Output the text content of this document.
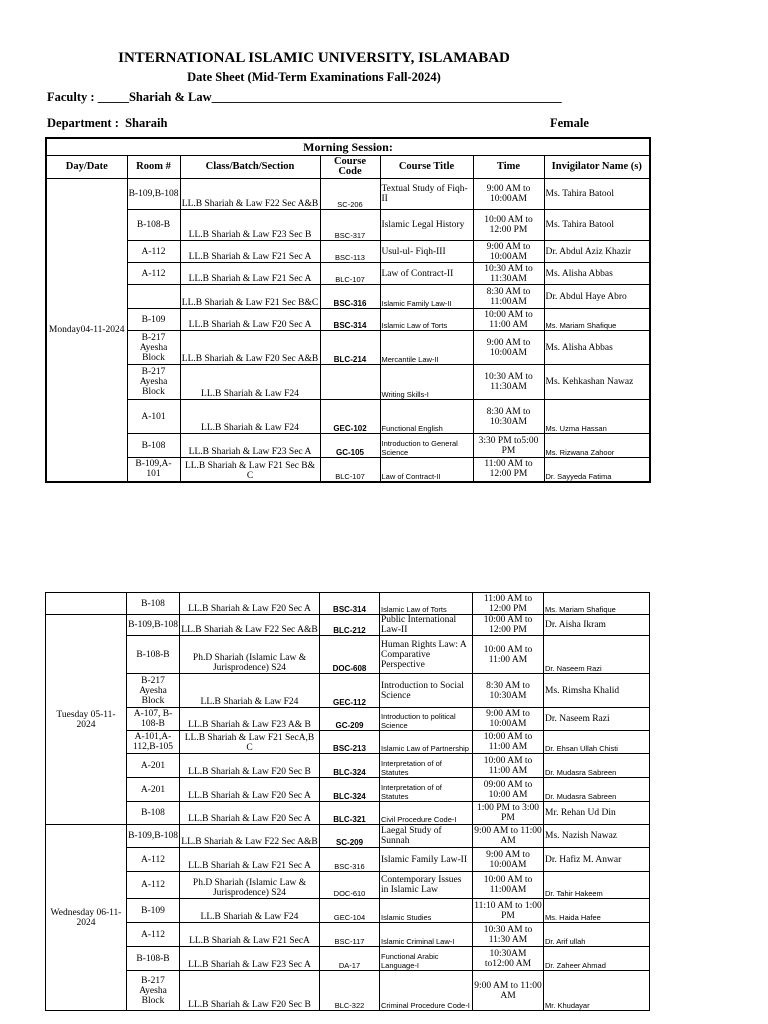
INTERNATIONAL ISLAMIC UNIVERSITY, ISLAMABAD
Date Sheet (Mid-Term Examinations Fall-2024)
Faculty : _____Shariah & Law________________________________________________________
Department : Sharaih	Female
Morning Session:						
Day/Date	Room #	Class/Batch/Section	Course Code	Course Title	Time	Invigilator Name (s)
Monday04-11-2024	B-109,B-108	LL.B Shariah & Law F22 Sec A&B	SC-206	Textual Study of Fiqh-II	9:00 AM to 10:00AM	Ms. Tahira Batool
	B-108-B	LL.B Shariah & Law F23 Sec B	BSC-317	Islamic Legal History	10:00 AM to 12:00 PM	Ms. Tahira Batool
	A-112	LL.B Shariah & Law F21 Sec A	BSC-113	Usul-ul- Fiqh-III	9:00 AM to 10:00AM	Dr. Abdul Aziz Khazir
	A-112	LL.B Shariah & Law F21 Sec A	BLC-107	Law of Contract-II	10:30 AM to 11:30AM	Ms. Alisha Abbas
		LL.B Shariah & Law F21 Sec B&C	BSC-316	Islamic Family Law-II	8:30 AM to 11:00AM	Dr. Abdul Haye Abro
	B-109	LL.B Shariah & Law F20 Sec A	BSC-314	Islamic Law of Torts	10:00 AM to 11:00 AM	Ms. Mariam Shafique
	B-217 Ayesha Block	LL.B Shariah & Law F20 Sec A&B	BLC-214	Mercantile Law-II	9:00 AM to 10:00AM	Ms. Alisha Abbas
	B-217 Ayesha Block	LL.B Shariah & Law F24		Writing Skills-I	10:30 AM to 11:30AM	Ms. Kehkashan Nawaz
	A-101	LL.B Shariah & Law F24	GEC-102	Functional English	8:30 AM to 10:30AM	Ms. Uzma Hassan
	B-108	LL.B Shariah & Law F23 Sec A	GC-105	Introduction to General Science	3:30 PM to5:00 PM	Ms. Rizwana Zahoor
	B-109,A-101	LL.B Shariah & Law F21 Sec B& C	BLC-107	Law of Contract-II	11:00 AM to 12:00 PM	Dr. Sayyeda Fatima
	B-108	LL.B Shariah & Law F20 Sec A	BSC-314	Islamic Law of Torts	11:00 AM to 12:00 PM	Ms. Mariam Shafique
Tuesday 05-11-2024	B-109,B-108	LL.B Shariah & Law F22 Sec A&B	BLC-212	Public International Law-II	10:00 AM to 12:00 PM	Dr. Aisha Ikram
	B-108-B	Ph.D Shariah (Islamic Law & Jurisprodence) S24	DOC-608	Human Rights Law: A Comparative Perspective	10:00 AM to 11:00 AM	Dr. Naseem Razi
	B-217 Ayesha Block	LL.B Shariah & Law F24	GEC-112	Introduction to Social Science	8:30 AM to 10:30AM	Ms. Rimsha Khalid
	A-107, B-108-B	LL.B Shariah & Law F23 A& B	GC-209	Introduction to political Science	9:00 AM to 10:00AM	Dr. Naseem Razi
	A-101,A-112,B-105	LL.B Shariah & Law F21 SecA,B C	BSC-213	Islamic Law of Partnership	10:00 AM to 11:00 AM	Dr. Ehsan Ullah Chisti
	A-201	LL.B Shariah & Law F20 Sec B	BLC-324	Interpretation of of Statutes	10:00 AM to 11:00 AM	Dr. Mudasra Sabreen
	A-201	LL.B Shariah & Law F20 Sec A	BLC-324	Interpretation of of Statutes	09:00 AM to 10:00 AM	Dr. Mudasra Sabreen
	B-108	LL.B Shariah & Law F20 Sec A	BLC-321	Civil Procedure Code-I	1:00 PM to 3:00 PM	Mr. Rehan Ud Din
Wednesday 06-11-2024	B-109,B-108	LL.B Shariah & Law F22 Sec A&B	SC-209	Laegal Study of Sunnah	9:00 AM to 11:00 AM	Ms. Nazish Nawaz
	A-112	LL.B Shariah & Law F21 Sec A	BSC-316	Islamic Family Law-II	9:00 AM to 10:00AM	Dr. Hafiz M. Anwar
	A-112	Ph.D Shariah (Islamic Law & Jurisprodence) S24	DOC-610	Contemporary Issues in Islamic Law	10:00 AM to 11:00AM	Dr. Tahir Hakeem
	B-109	LL.B Shariah & Law F24	GEC-104	Islamic Studies	11:10 AM to 1:00 PM	Ms. Haida Hafee
	A-112	LL.B Shariah & Law F21 SecA	BSC-117	Islamic Criminal Law-I	10:30 AM to 11:30 AM	Dr. Arif ullah
	B-108-B	LL.B Shariah & Law F23 Sec A	DA-17	Functional Arabic Language-I	10:30AM to12:00 AM	Dr. Zaheer Ahmad
	B-217 Ayesha Block	LL.B Shariah & Law F20 Sec B	BLC-322	Criminal Procedure Code-I	9:00 AM to 11:00 AM	Mr. Khudayar
